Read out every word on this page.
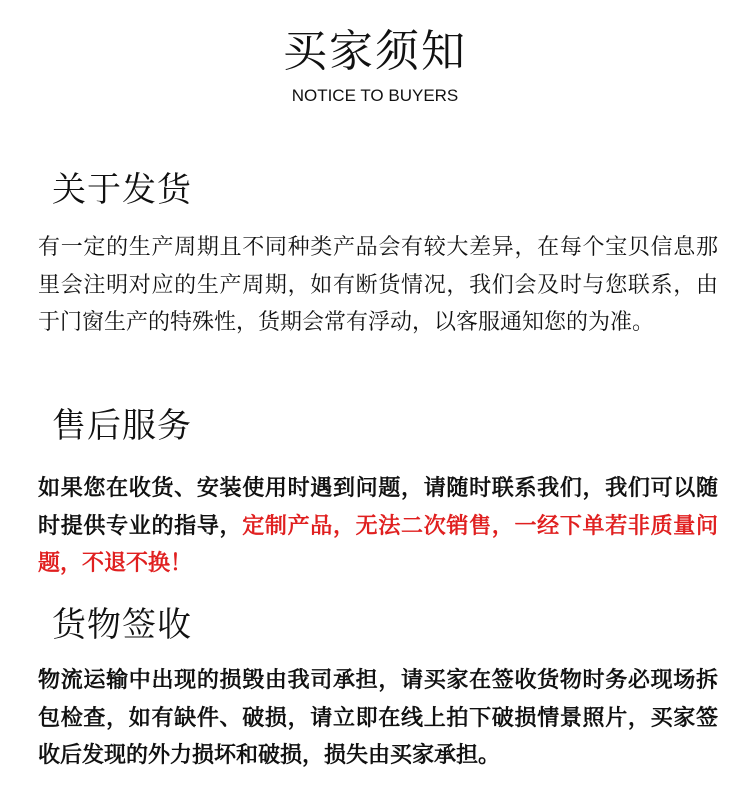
买家须知
NOTICE TO BUYERS
关于发货
有一定的生产周期且不同种类产品会有较大差异，在每个宝贝信息那里会注明对应的生产周期，如有断货情况，我们会及时与您联系，由于门窗生产的特殊性，货期会常有浮动，以客服通知您的为准。
售后服务
如果您在收货、安装使用时遇到问题，请随时联系我们，我们可以随时提供专业的指导，定制产品，无法二次销售，一经下单若非质量问题，不退不换！
货物签收
物流运输中出现的损毁由我司承担，请买家在签收货物时务必现场拆包检查，如有缺件、破损，请立即在线上拍下破损情景照片，买家签收后发现的外力损坏和破损，损失由买家承担。
